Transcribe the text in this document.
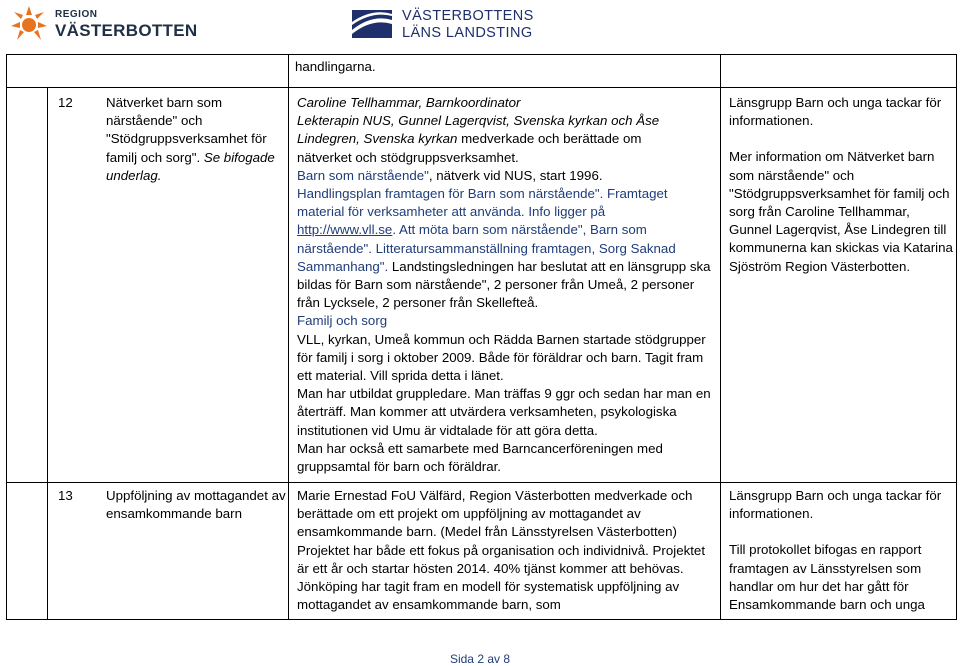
REGION
VÄSTERBOTTEN
VÄSTERBOTTENS
LÄNS LANDSTING
handlingarna.
12	Nätverket barn som närstående" och "Stödgruppsverksamhet för familj och sorg". Se bifogade underlag.

Caroline Tellhammar, Barnkoordinator

Lekterapin NUS, Gunnel Lagerqvist, Svenska kyrkan och Åse

Lindegren, Svenska kyrkan medverkade och berättade om

nätverket och stödgruppsverksamhet.

Barn som närstående", nätverk vid NUS, start 1996.

Handlingsplan framtagen för Barn som närstående". Framtaget material för verksamheter att använda. Info ligger på

http://www.vll.se. Att möta barn som närstående", Barn som närstående". Litteratursammanställning framtagen, Sorg Saknad Sammanhang". Landstingsledningen har beslutat att en länsgrupp ska bildas för Barn som närstående", 2 personer från Umeå, 2 personer från Lycksele, 2 personer från Skellefteå.

Familj och sorg

VLL, kyrkan, Umeå kommun och Rädda Barnen startade stödgrupper för familj i sorg i oktober 2009. Både för föräldrar och barn. Tagit fram ett material. Vill sprida detta i länet.

Man har utbildat gruppledare. Man träffas 9 ggr och sedan har man en återträff. Man kommer att utvärdera verksamheten, psykologiska institutionen vid Umu är vidtalade för att göra detta.

Man har också ett samarbete med Barncancerföreningen med gruppsamtal för barn och föräldrar.

Länsgrupp Barn och unga tackar för informationen.

Mer information om Nätverket barn som närstående" och "Stödgruppsverksamhet för familj och sorg från Caroline Tellhammar, Gunnel Lagerqvist, Åse Lindegren till kommunerna kan skickas via Katarina Sjöström Region Västerbotten.

13	Uppföljning av mottagandet av ensamkommande barn

Marie Ernestad FoU Välfärd, Region Västerbotten medverkade och berättade om ett projekt om uppföljning av mottagandet av ensamkommande barn. (Medel från Länsstyrelsen Västerbotten) Projektet har både ett fokus på organisation och individnivå. Projektet är ett år och startar hösten 2014. 40% tjänst kommer att behövas. Jönköping har tagit fram en modell för systematisk uppföljning av mottagandet av ensamkommande barn, som

Länsgrupp Barn och unga tackar för informationen.

Till protokollet bifogas en rapport framtagen av Länsstyrelsen som handlar om hur det har gått för Ensamkommande barn och unga

Sida 2 av 8
